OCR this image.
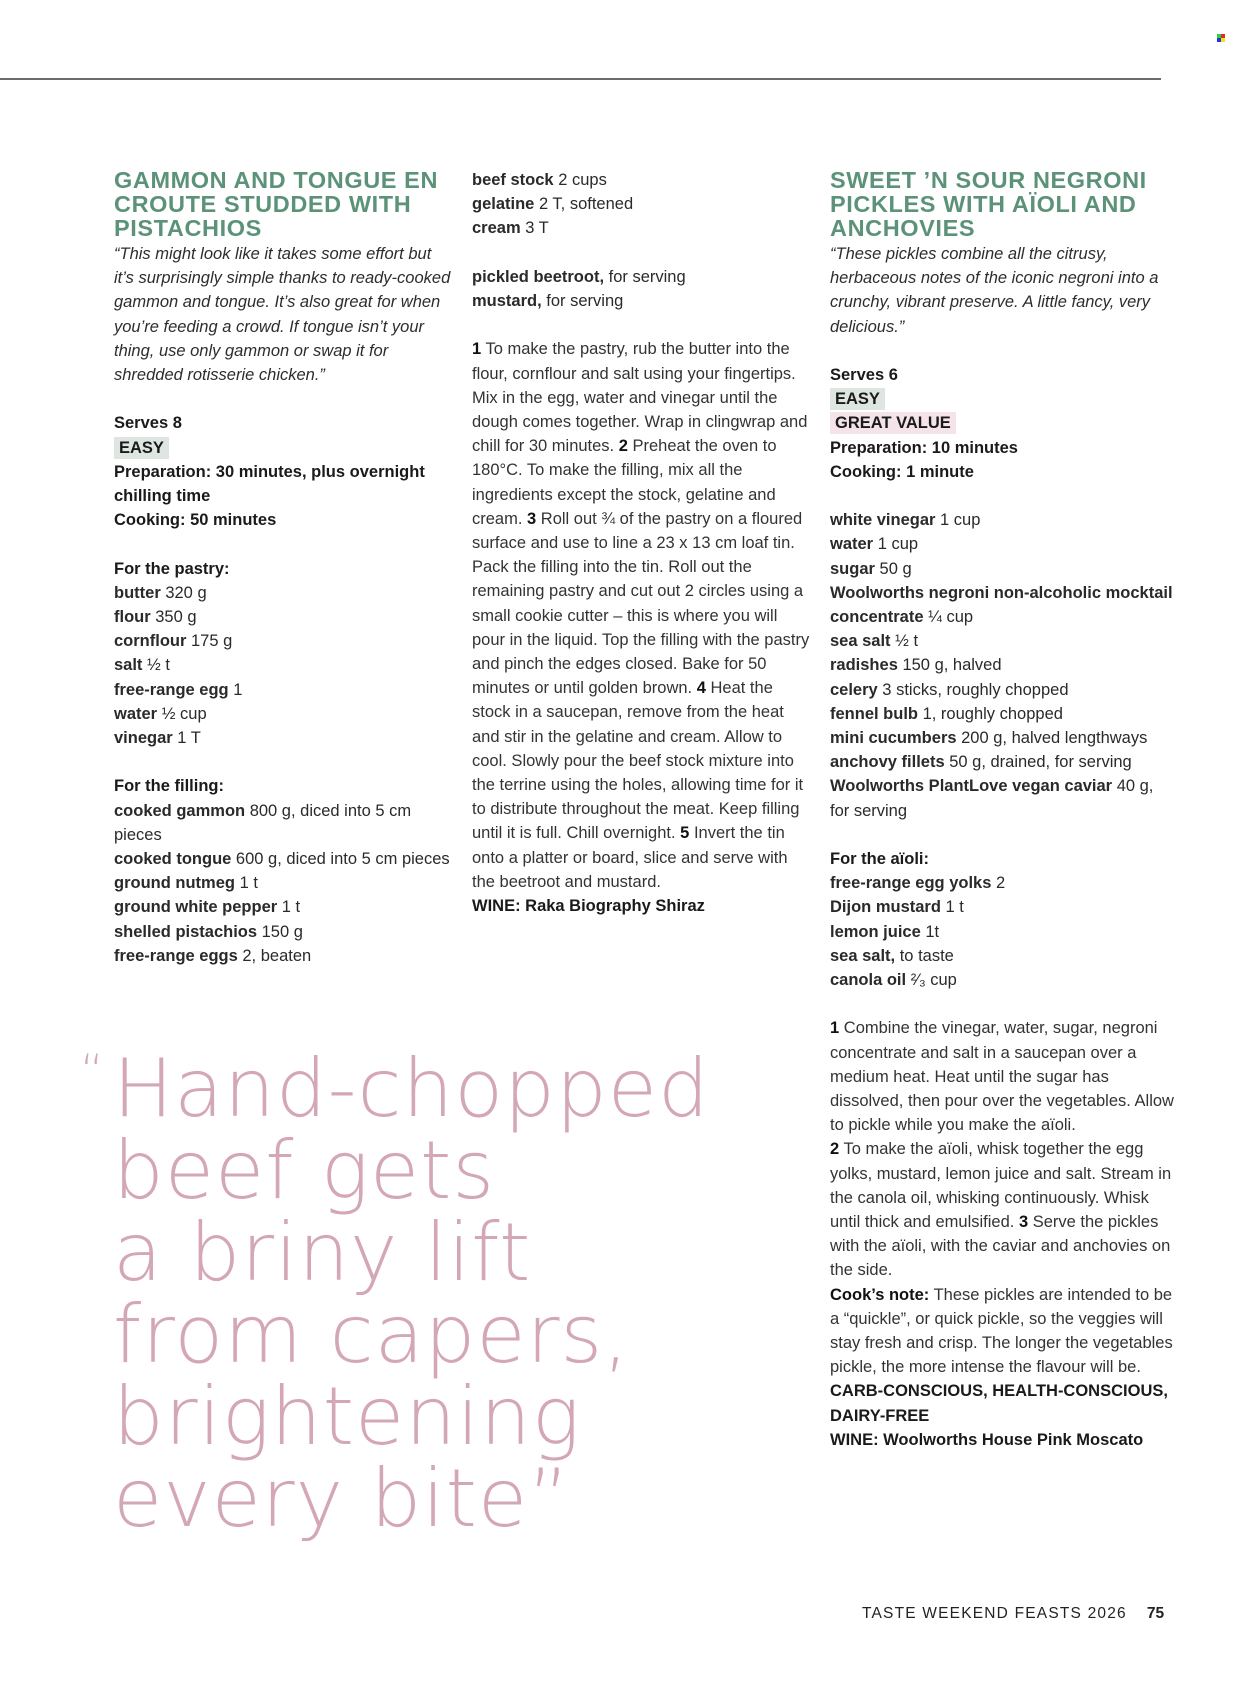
GAMMON AND TONGUE EN CROUTE STUDDED WITH PISTACHIOS
“This might look like it takes some effort but it’s surprisingly simple thanks to ready-cooked gammon and tongue. It’s also great for when you’re feeding a crowd. If tongue isn’t your thing, use only gammon or swap it for shredded rotisserie chicken.”
Serves 8
EASY
Preparation: 30 minutes, plus overnight chilling time
Cooking: 50 minutes
For the pastry:
butter 320 g
flour 350 g
cornflour 175 g
salt ½ t
free-range egg 1
water ½ cup
vinegar 1 T
For the filling:
cooked gammon 800 g, diced into 5 cm pieces
cooked tongue 600 g, diced into 5 cm pieces
ground nutmeg 1 t
ground white pepper 1 t
shelled pistachios 150 g
free-range eggs 2, beaten
beef stock 2 cups
gelatine 2 T, softened
cream 3 T
pickled beetroot, for serving
mustard, for serving
1 To make the pastry, rub the butter into the flour, cornflour and salt using your fingertips. Mix in the egg, water and vinegar until the dough comes together. Wrap in clingwrap and chill for 30 minutes. 2 Preheat the oven to 180°C. To make the filling, mix all the ingredients except the stock, gelatine and cream. 3 Roll out ¾ of the pastry on a floured surface and use to line a 23 x 13 cm loaf tin. Pack the filling into the tin. Roll out the remaining pastry and cut out 2 circles using a small cookie cutter – this is where you will pour in the liquid. Top the filling with the pastry and pinch the edges closed. Bake for 50 minutes or until golden brown. 4 Heat the stock in a saucepan, remove from the heat and stir in the gelatine and cream. Allow to cool. Slowly pour the beef stock mixture into the terrine using the holes, allowing time for it to distribute throughout the meat. Keep filling until it is full. Chill overnight. 5 Invert the tin onto a platter or board, slice and serve with the beetroot and mustard.
WINE: Raka Biography Shiraz
SWEET ’N SOUR NEGRONI PICKLES WITH AÏOLI AND ANCHOVIES
“These pickles combine all the citrusy, herbaceous notes of the iconic negroni into a crunchy, vibrant preserve. A little fancy, very delicious.”
Serves 6
EASY
GREAT VALUE
Preparation: 10 minutes
Cooking: 1 minute
white vinegar 1 cup
water 1 cup
sugar 50 g
Woolworths negroni non-alcoholic mocktail concentrate ¼ cup
sea salt ½ t
radishes 150 g, halved
celery 3 sticks, roughly chopped
fennel bulb 1, roughly chopped
mini cucumbers 200 g, halved lengthways
anchovy fillets 50 g, drained, for serving
Woolworths PlantLove vegan caviar 40 g, for serving
For the aïoli:
free-range egg yolks 2
Dijon mustard 1 t
lemon juice 1t
sea salt, to taste
canola oil ²⁄₃ cup
1 Combine the vinegar, water, sugar, negroni concentrate and salt in a saucepan over a medium heat. Heat until the sugar has dissolved, then pour over the vegetables. Allow to pickle while you make the aïoli.
2 To make the aïoli, whisk together the egg yolks, mustard, lemon juice and salt. Stream in the canola oil, whisking continuously. Whisk until thick and emulsified. 3 Serve the pickles with the aïoli, with the caviar and anchovies on the side.
Cook’s note: These pickles are intended to be a “quickle”, or quick pickle, so the veggies will stay fresh and crisp. The longer the vegetables pickle, the more intense the flavour will be.
CARB-CONSCIOUS, HEALTH-CONSCIOUS, DAIRY-FREE
WINE: Woolworths House Pink Moscato
“ Hand-chopped
beef gets
a briny lift
from capers,
brightening
every bite”
TASTE WEEKEND FEASTS 2026 75
